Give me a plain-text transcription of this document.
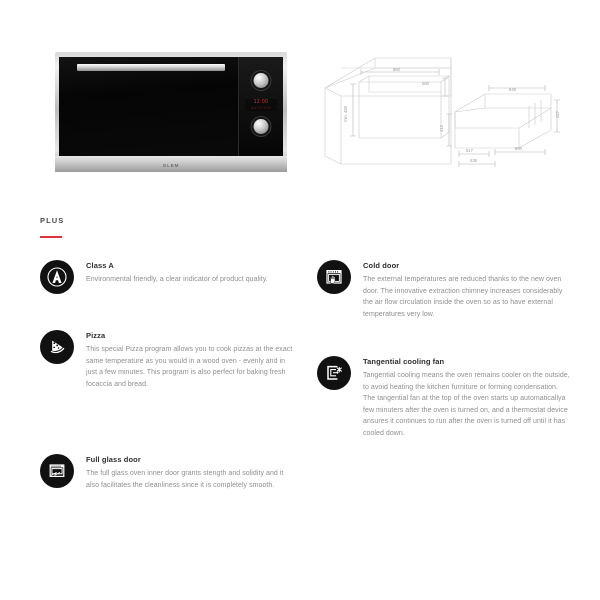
12:00
AUTO MIN
GLEM
860
560
min. 480
849
427
412
517
538
860
PLUS
Class A
Environmental friendly, a clear indicator of product quality.
Pizza
This special Pizza program allows you to cook pizzas at the exact same temperature as you would in a wood oven - evenly and in just a few minutes. This program is also perfect for baking fresh focaccia and bread.
Full glass door
The full glass oven inner door grants stength and solidity and it also facilitates the cleanliness since it is completely smooth.
Cold door
The external temperatures are reduced thanks to the new oven door. The innovative extraction chimney increases considerably the air flow circulation inside the oven so as to have external temperatures very low.
Tangential cooling fan
Tangential cooling means the oven remains cooler on the outside, to avoid heating the kitchen furniture or forming condensation. The tangential fan at the top of the oven starts up automaticallya few minuters after the oven is turned on, and a thermostat device ansures it continues to run after the oven is turned off until it has cooled down.
